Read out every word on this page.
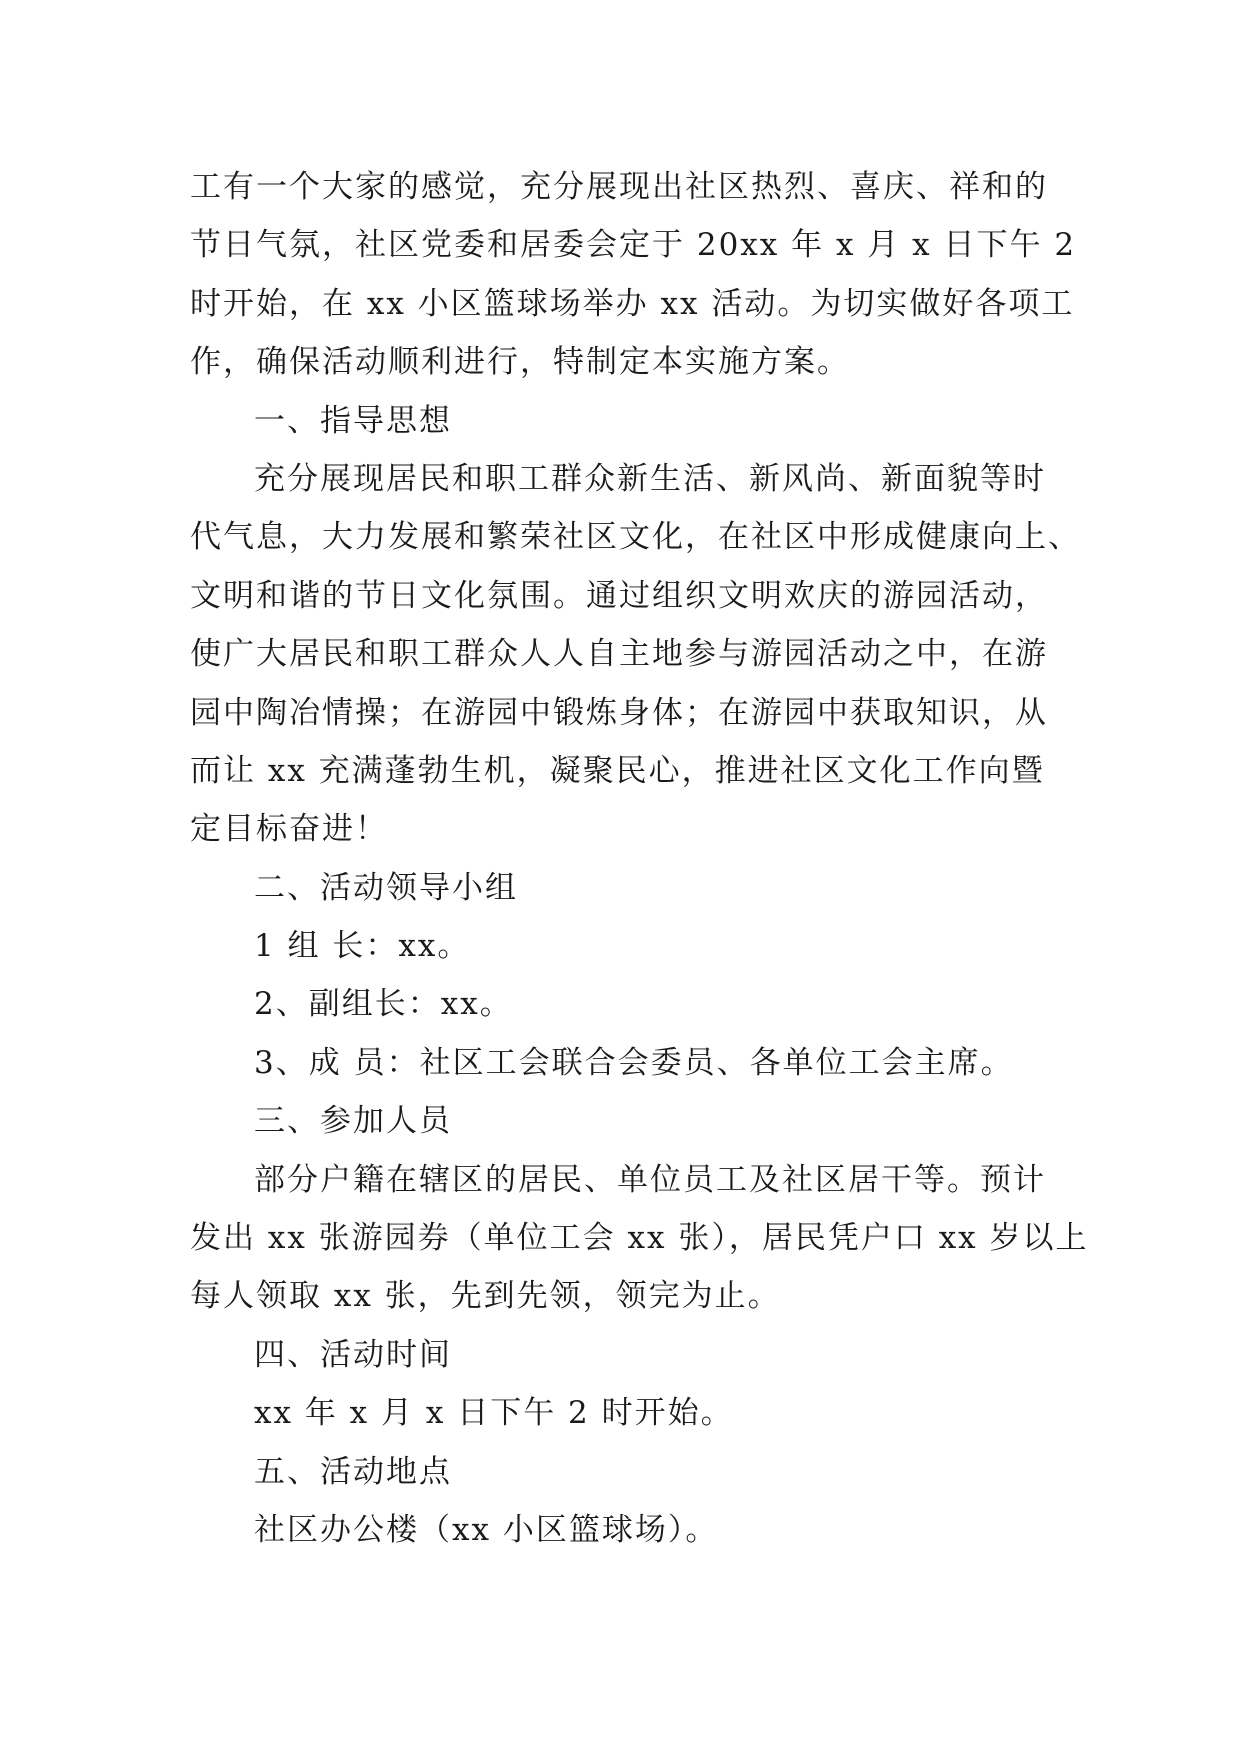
工有一个大家的感觉，充分展现出社区热烈、喜庆、祥和的

节日气氛，社区党委和居委会定于 20xx 年 x 月 x 日下午 2

时开始，在 xx 小区篮球场举办 xx 活动。为切实做好各项工

作，确保活动顺利进行，特制定本实施方案。

一、指导思想

充分展现居民和职工群众新生活、新风尚、新面貌等时

代气息，大力发展和繁荣社区文化，在社区中形成健康向上、

文明和谐的节日文化氛围。通过组织文明欢庆的游园活动，

使广大居民和职工群众人人自主地参与游园活动之中，在游

园中陶冶情操；在游园中锻炼身体；在游园中获取知识，从

而让 xx 充满蓬勃生机，凝聚民心，推进社区文化工作向暨

定目标奋进！

二、活动领导小组

1 组 长：xx。

2、副组长：xx。

3、成 员：社区工会联合会委员、各单位工会主席。

三、参加人员

部分户籍在辖区的居民、单位员工及社区居干等。预计

发出 xx 张游园券（单位工会 xx 张），居民凭户口 xx 岁以上

每人领取 xx 张，先到先领，领完为止。

四、活动时间

xx 年 x 月 x 日下午 2 时开始。

五、活动地点

社区办公楼（xx 小区篮球场）。
